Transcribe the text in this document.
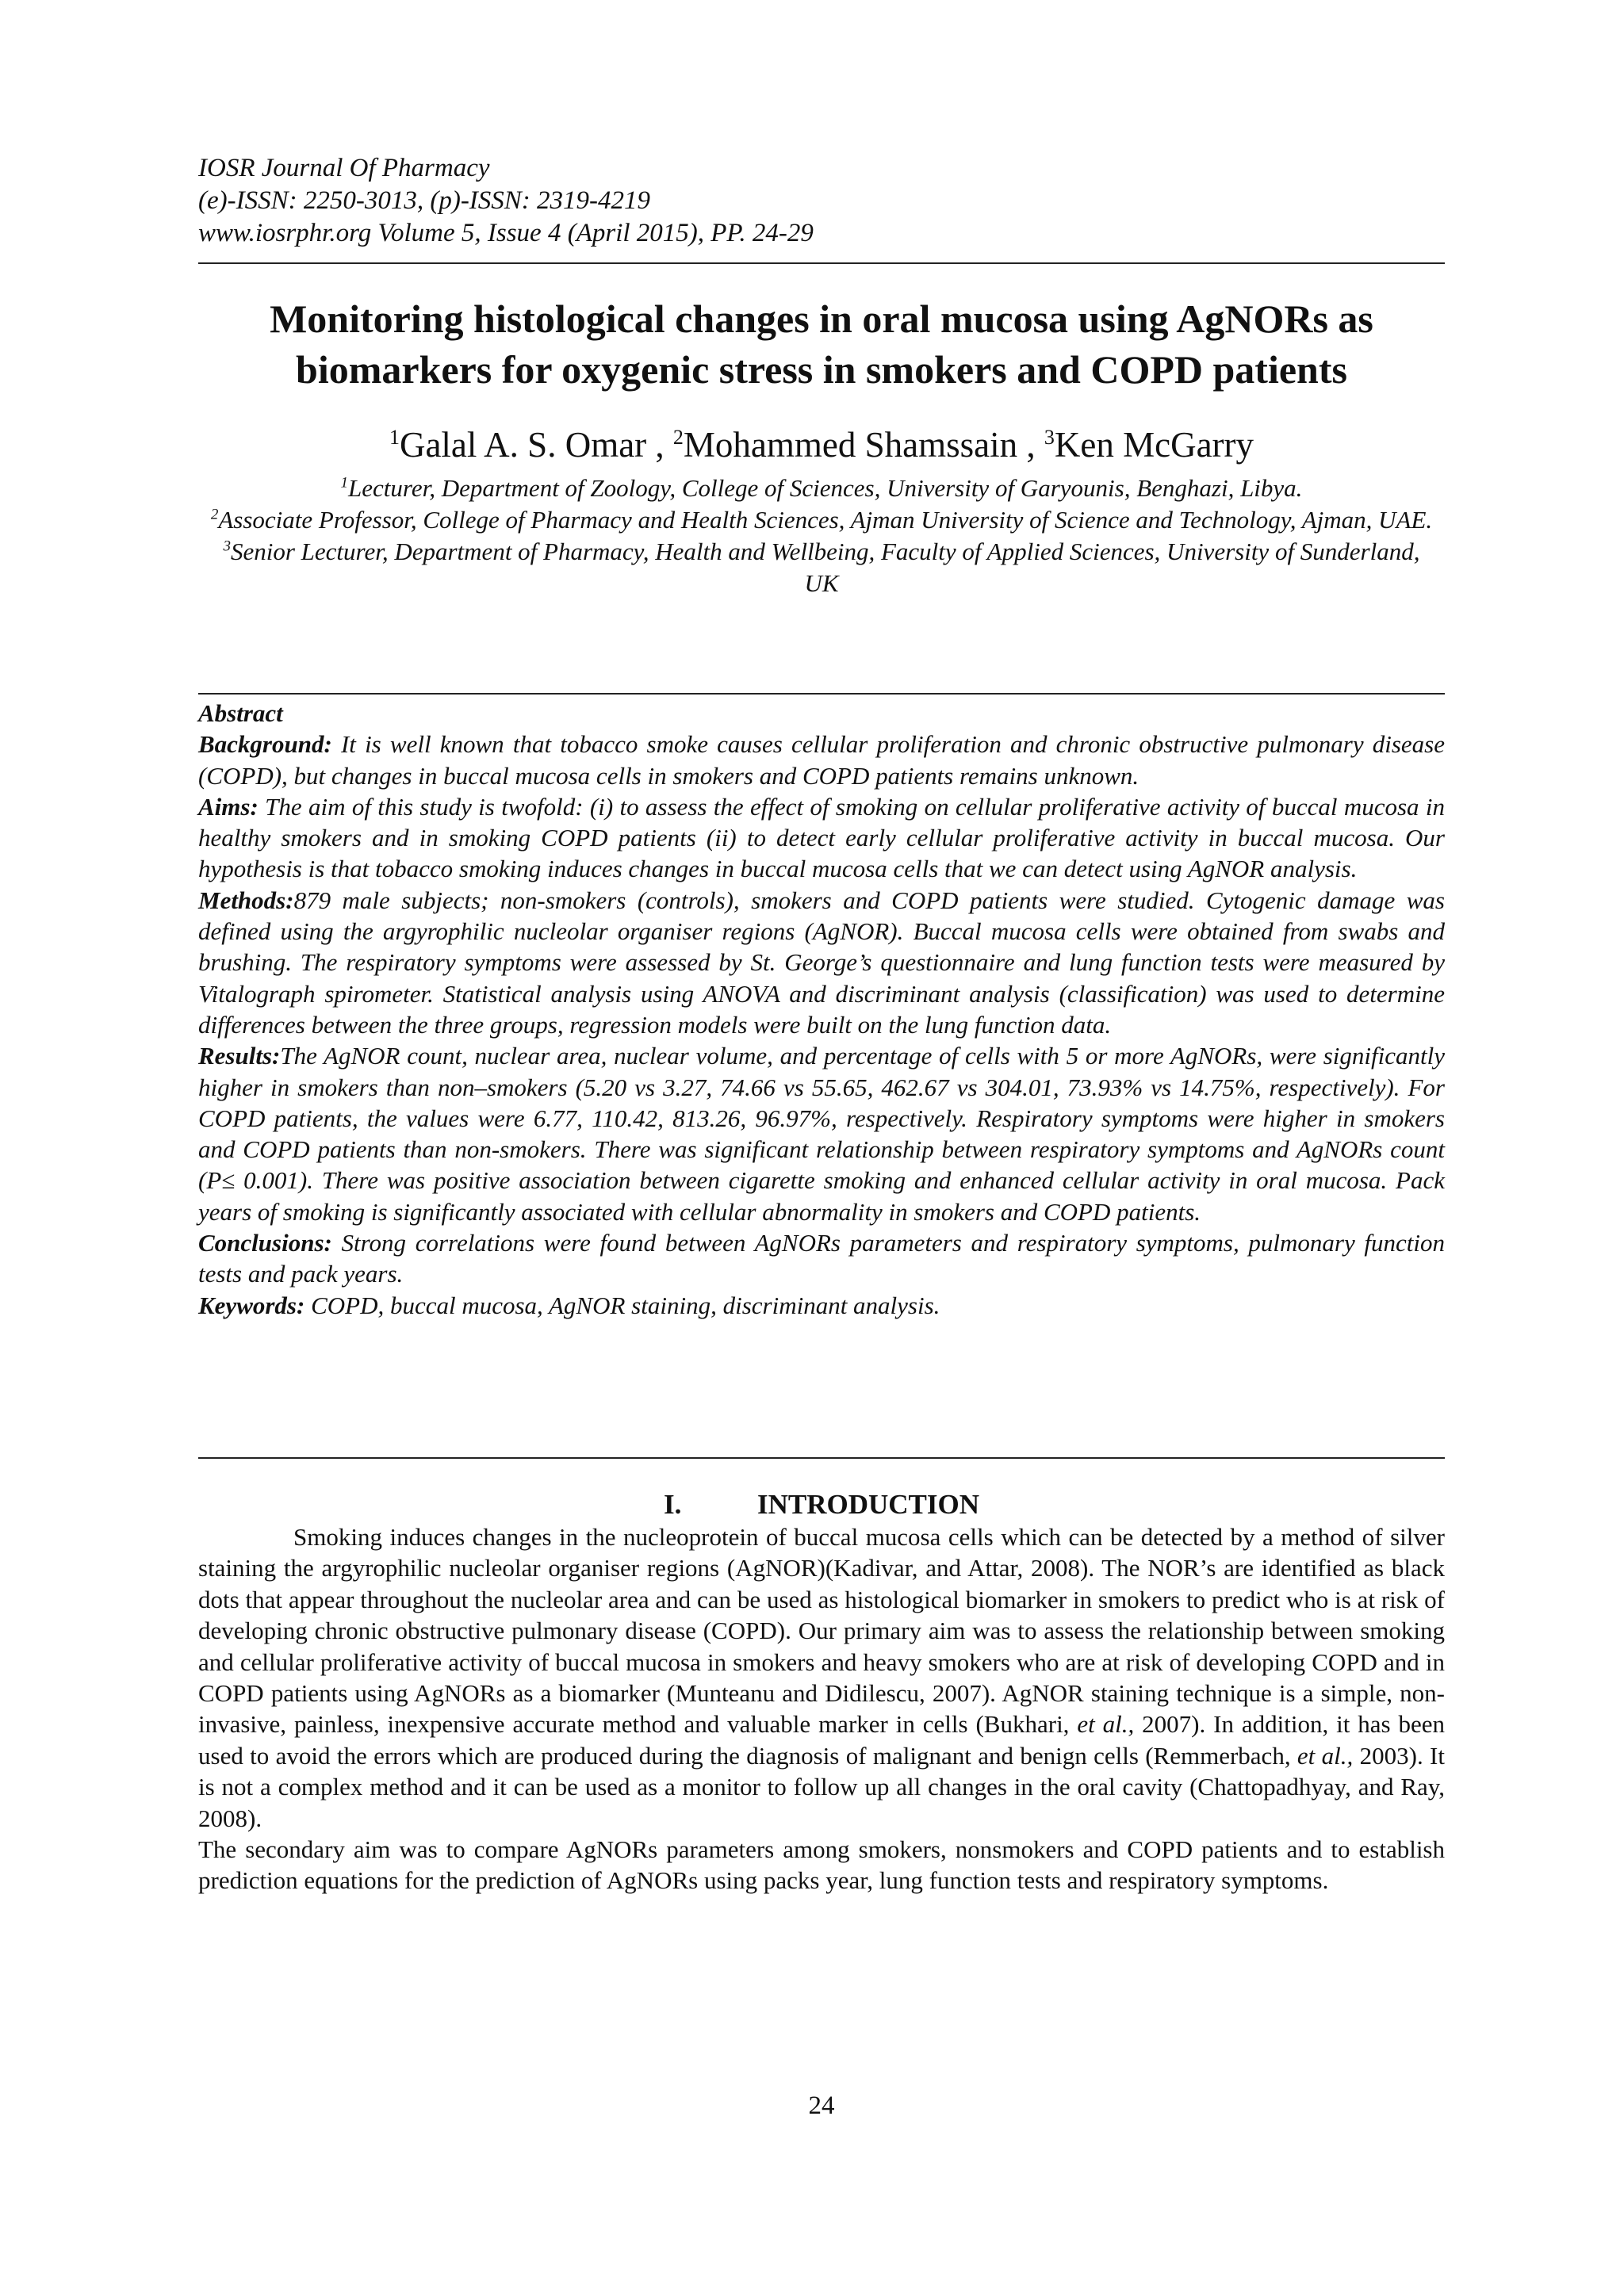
IOSR Journal Of Pharmacy
(e)-ISSN: 2250-3013, (p)-ISSN: 2319-4219
www.iosrphr.org Volume 5, Issue 4 (April 2015), PP. 24-29
Monitoring histological changes in oral mucosa using AgNORs as
biomarkers for oxygenic stress in smokers and COPD patients
$^1$Galal A. S. Omar , $^2$Mohammed Shamssain , $^3$Ken McGarry
$^1$Lecturer, Department of Zoology, College of Sciences, University of Garyounis, Benghazi, Libya.
$^2$Associate Professor, College of Pharmacy and Health Sciences, Ajman University of Science and Technology, Ajman, UAE.
$^3$Senior Lecturer, Department of Pharmacy, Health and Wellbeing, Faculty of Applied Sciences, University of Sunderland, UK

Abstract

Background: It is well known that tobacco smoke causes cellular proliferation and chronic obstructive pulmonary disease (COPD), but changes in buccal mucosa cells in smokers and COPD patients remains unknown.

Aims: The aim of this study is twofold: (i) to assess the effect of smoking on cellular proliferative activity of buccal mucosa in healthy smokers and in smoking COPD patients (ii) to detect early cellular proliferative activity in buccal mucosa. Our hypothesis is that tobacco smoking induces changes in buccal mucosa cells that we can detect using AgNOR analysis.

Methods:879 male subjects; non-smokers (controls), smokers and COPD patients were studied. Cytogenic damage was defined using the argyrophilic nucleolar organiser regions (AgNOR). Buccal mucosa cells were obtained from swabs and brushing. The respiratory symptoms were assessed by St. George’s questionnaire and lung function tests were measured by Vitalograph spirometer. Statistical analysis using ANOVA and discriminant analysis (classification) was used to determine differences between the three groups, regression models were built on the lung function data.

Results:The AgNOR count, nuclear area, nuclear volume, and percentage of cells with 5 or more AgNORs, were significantly higher in smokers than non–smokers (5.20 vs 3.27, 74.66 vs 55.65, 462.67 vs 304.01, 73.93% vs 14.75%, respectively). For COPD patients, the values were 6.77, 110.42, 813.26, 96.97%, respectively. Respiratory symptoms were higher in smokers and COPD patients than non-smokers. There was significant relationship between respiratory symptoms and AgNORs count (P≤ 0.001). There was positive association between cigarette smoking and enhanced cellular activity in oral mucosa. Pack years of smoking is significantly associated with cellular abnormality in smokers and COPD patients.

Conclusions: Strong correlations were found between AgNORs parameters and respiratory symptoms, pulmonary function tests and pack years.

Keywords: COPD, buccal mucosa, AgNOR staining, discriminant analysis.

I.	INTRODUCTION

Smoking induces changes in the nucleoprotein of buccal mucosa cells which can be detected by a method of silver staining the argyrophilic nucleolar organiser regions (AgNOR)(Kadivar, and Attar, 2008). The NOR’s are identified as black dots that appear throughout the nucleolar area and can be used as histological biomarker in smokers to predict who is at risk of developing chronic obstructive pulmonary disease (COPD). Our primary aim was to assess the relationship between smoking and cellular proliferative activity of buccal mucosa in smokers and heavy smokers who are at risk of developing COPD and in COPD patients using AgNORs as a biomarker (Munteanu and Didilescu, 2007). AgNOR staining technique is a simple, non-invasive, painless, inexpensive accurate method and valuable marker in cells (Bukhari, et al., 2007). In addition, it has been used to avoid the errors which are produced during the diagnosis of malignant and benign cells (Remmerbach, et al., 2003). It is not a complex method and it can be used as a monitor to follow up all changes in the oral cavity (Chattopadhyay, and Ray, 2008).

The secondary aim was to compare AgNORs parameters among smokers, nonsmokers and COPD patients and to establish prediction equations for the prediction of AgNORs using packs year, lung function tests and respiratory symptoms.

24
